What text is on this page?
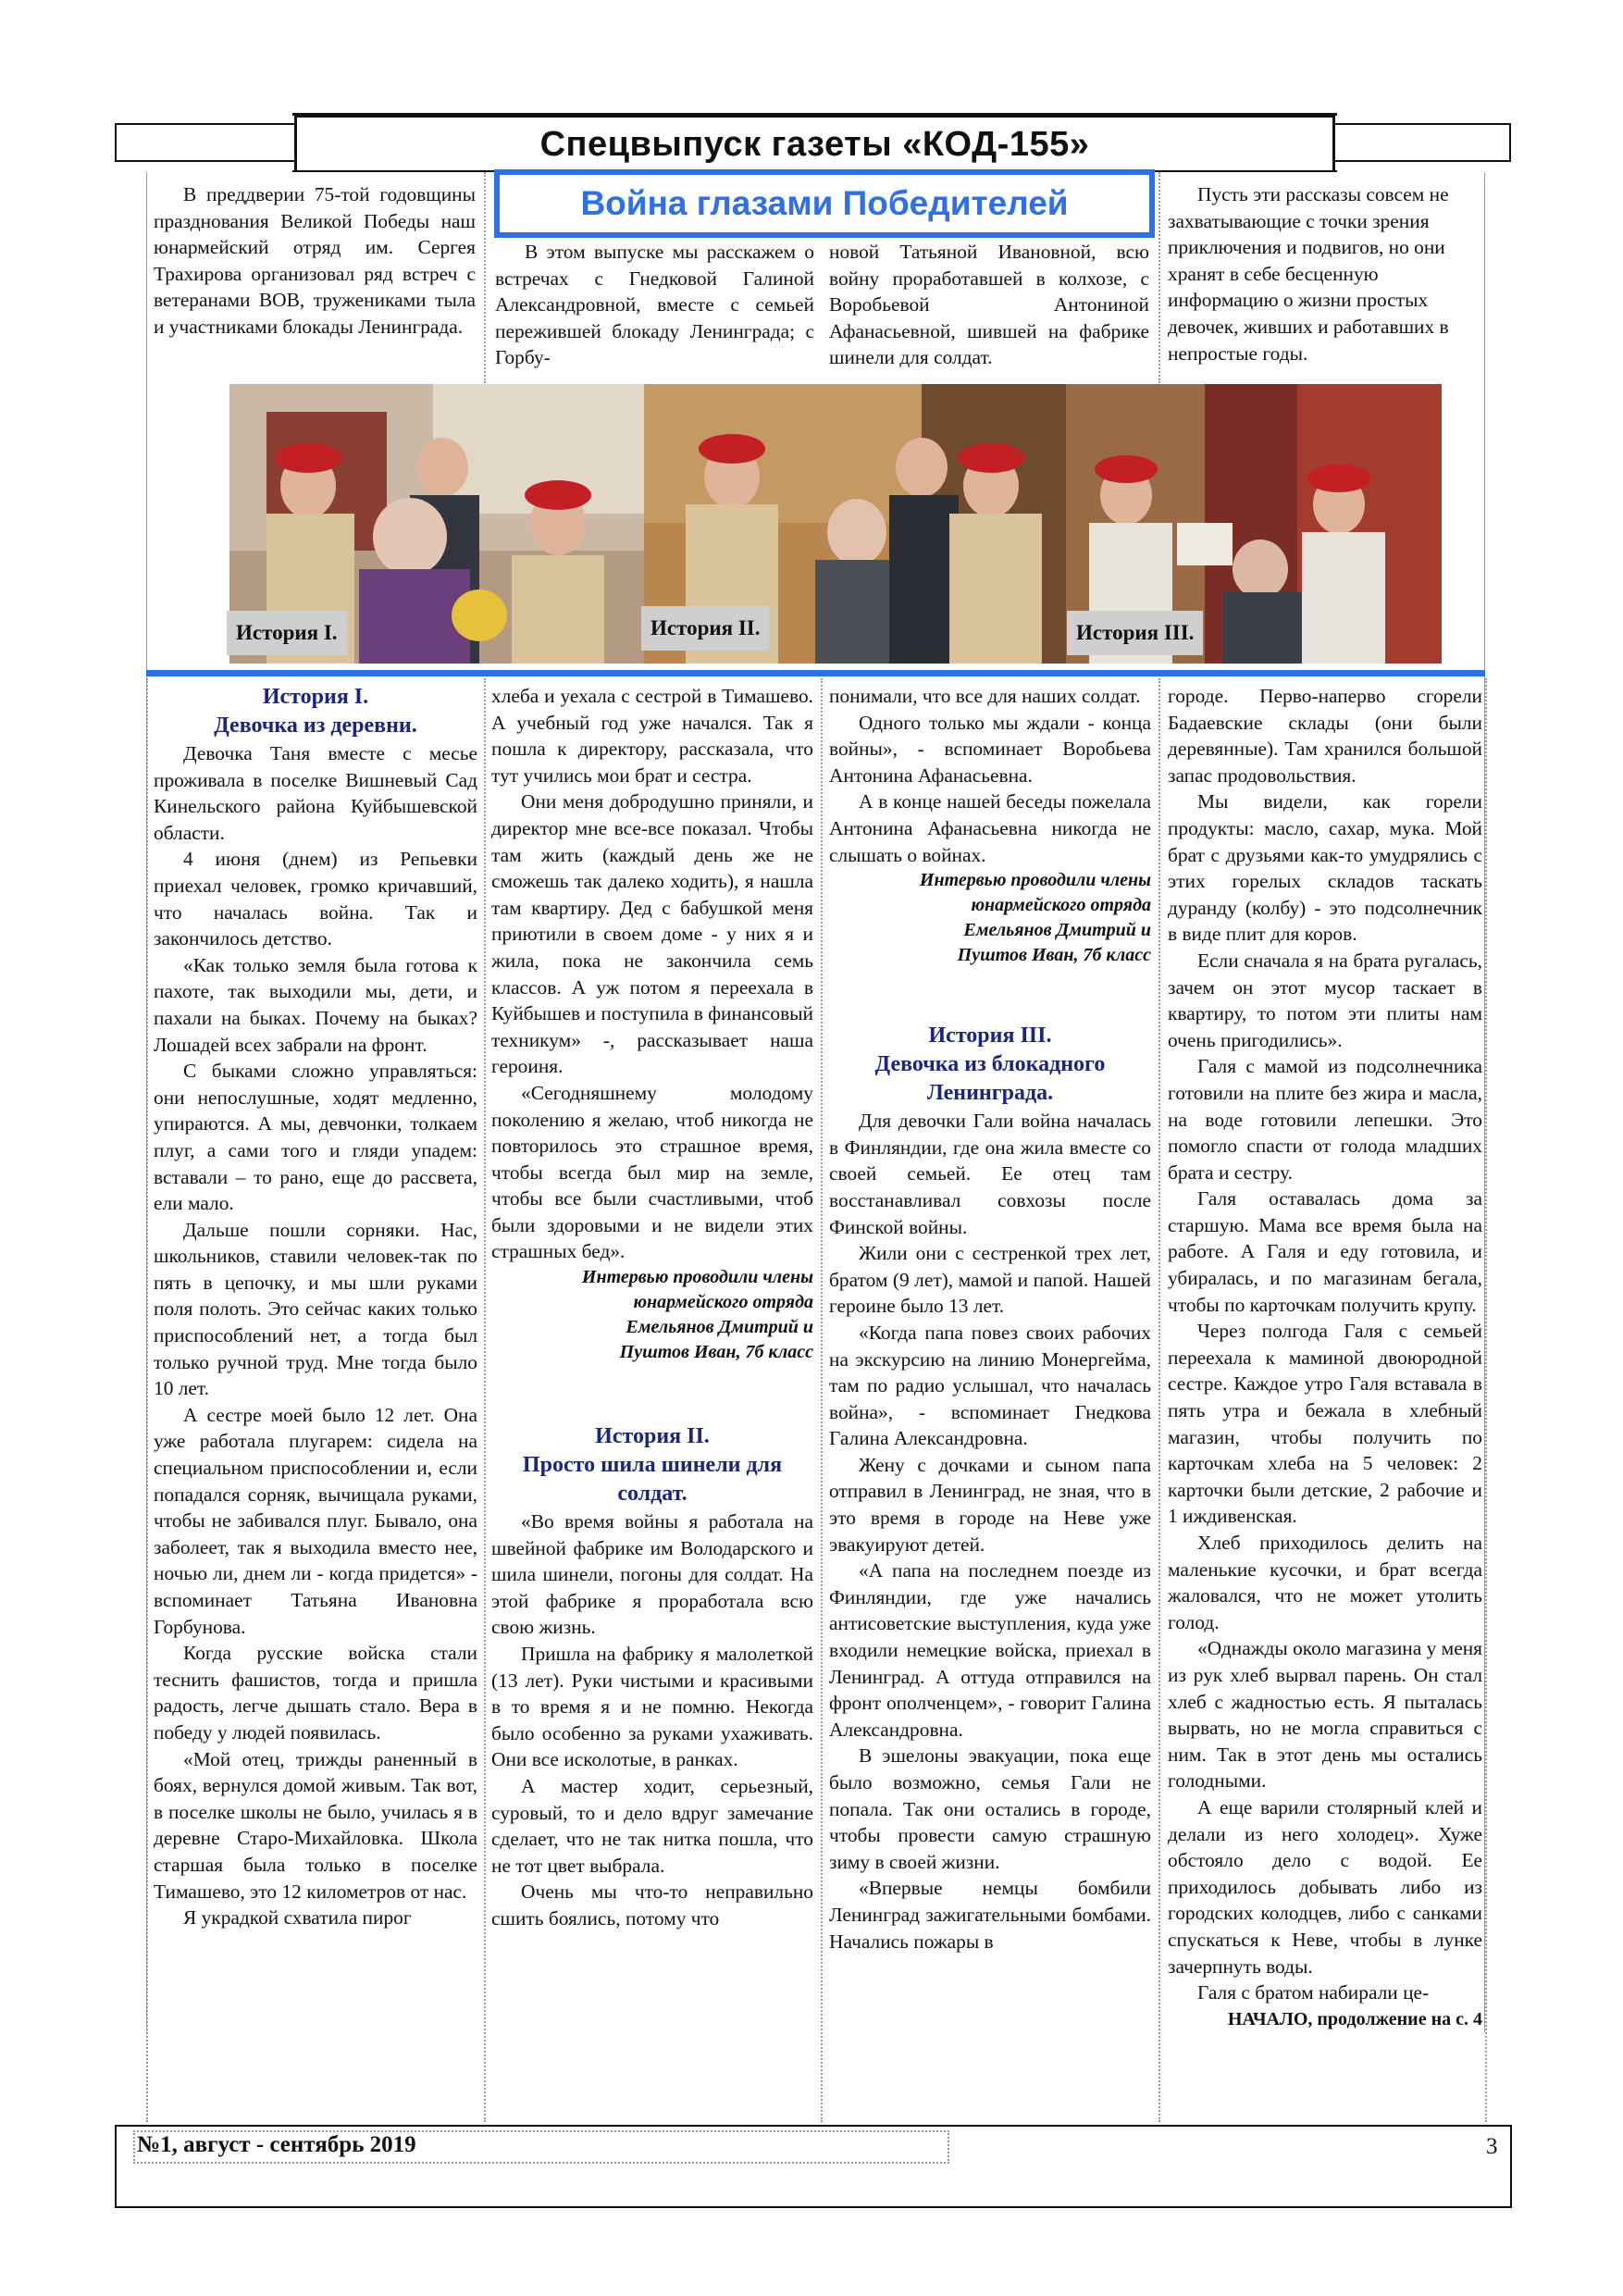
Спецвыпуск газеты «КОД-155»
Война глазами Победителей

В преддверии 75-той годовщины празднования Великой Победы наш юнармейский отряд им. Сергея Трахирова организовал ряд встреч с ветеранами ВОВ, тружениками тыла и участниками блокады Ленинграда.

В этом выпуске мы расскажем о встречах с Гнедковой Галиной Александровной, вместе с семьей пережившей блокаду Ленинграда; с Горбу-

новой Татьяной Ивановной, всю войну проработавшей в колхозе, с Воробьевой Антониной Афанасьевной, шившей на фабрике шинели для солдат.

Пусть эти рассказы совсем не захватывающие с точки зрения приключения и подвигов, но они хранят в себе бесценную информацию о жизни простых девочек, живших и работавших в непростые годы.

История I.	История II.	История III.

История I.

Девочка из деревни.

Девочка Таня вместе с месье проживала в поселке Вишневый Сад Кинельского района Куйбышевской области.

4 июня (днем) из Репьевки приехал человек, громко кричавший, что началась война. Так и закончилось детство.

«Как только земля была готова к пахоте, так выходили мы, дети, и пахали на быках. Почему на быках? Лошадей всех забрали на фронт.

С быками сложно управляться: они непослушные, ходят медленно, упираются. А мы, девчонки, толкаем плуг, а сами того и гляди упадем: вставали – то рано, еще до рассвета, ели мало.

Дальше пошли сорняки. Нас, школьников, ставили человек-так по пять в цепочку, и мы шли руками поля полоть. Это сейчас каких только приспособлений нет, а тогда был только ручной труд. Мне тогда было 10 лет.

А сестре моей было 12 лет. Она уже работала плугарем: сидела на специальном приспособлении и, если попадался сорняк, вычищала руками, чтобы не забивался плуг. Бывало, она заболеет, так я выходила вместо нее, ночью ли, днем ли - когда придется» - вспоминает Татьяна Ивановна Горбунова.

Когда русские войска стали теснить фашистов, тогда и пришла радость, легче дышать стало. Вера в победу у людей появилась.

«Мой отец, трижды раненный в боях, вернулся домой живым. Так вот, в поселке школы не было, училась я в деревне Старо-Михайловка. Школа старшая была только в поселке Тимашево, это 12 километров от нас.

Я украдкой схватила пирог

хлеба и уехала с сестрой в Тимашево. А учебный год уже начался. Так я пошла к директору, рассказала, что тут учились мои брат и сестра.

Они меня добродушно приняли, и директор мне все-все показал. Чтобы там жить (каждый день же не сможешь так далеко ходить), я нашла там квартиру. Дед с бабушкой меня приютили в своем доме - у них я и жила, пока не закончила семь классов. А уж потом я переехала в Куйбышев и поступила в финансовый техникум» -, рассказывает наша героиня.

«Сегодняшнему молодому поколению я желаю, чтоб никогда не повторилось это страшное время, чтобы всегда был мир на земле, чтобы все были счастливыми, чтоб были здоровыми и не видели этих страшных бед».

Интервью проводили члены
юнармейского отряда
Емельянов Дмитрий и
Пуштов Иван, 7б класс

История II.

Просто шила шинели для солдат.

«Во время войны я работала на швейной фабрике им Володарского и шила шинели, погоны для солдат. На этой фабрике я проработала всю свою жизнь.

Пришла на фабрику я малолеткой (13 лет). Руки чистыми и красивыми в то время я и не помню. Некогда было особенно за руками ухаживать. Они все исколотые, в ранках.

А мастер ходит, серьезный, суровый, то и дело вдруг замечание сделает, что не так нитка пошла, что не тот цвет выбрала.

Очень мы что-то неправильно сшить боялись, потому что

понимали, что все для наших солдат.

Одного только мы ждали - конца войны», - вспоминает Воробьева Антонина Афанасьевна.

А в конце нашей беседы пожелала Антонина Афанасьевна никогда не слышать о войнах.

Интервью проводили члены
юнармейского отряда
Емельянов Дмитрий и
Пуштов Иван, 7б класс

История III.

Девочка из блокадного Ленинграда.

Для девочки Гали война началась в Финляндии, где она жила вместе со своей семьей. Ее отец там восстанавливал совхозы после Финской войны.

Жили они с сестренкой трех лет, братом (9 лет), мамой и папой. Нашей героине было 13 лет.

«Когда папа повез своих рабочих на экскурсию на линию Монергейма, там по радио услышал, что началась война», - вспоминает Гнедкова Галина Александровна.

Жену с дочками и сыном папа отправил в Ленинград, не зная, что в это время в городе на Неве уже эвакуируют детей.

«А папа на последнем поезде из Финляндии, где уже начались антисоветские выступления, куда уже входили немецкие войска, приехал в Ленинград. А оттуда отправился на фронт ополченцем», - говорит Галина Александровна.

В эшелоны эвакуации, пока еще было возможно, семья Гали не попала. Так они остались в городе, чтобы провести самую страшную зиму в своей жизни.

«Впервые немцы бомбили Ленинград зажигательными бомбами. Начались пожары в

городе. Перво-наперво сгорели Бадаевские склады (они были деревянные). Там хранился большой запас продовольствия.

Мы видели, как горели продукты: масло, сахар, мука. Мой брат с друзьями как-то умудрялись с этих горелых складов таскать дуранду (колбу) - это подсолнечник в виде плит для коров.

Если сначала я на брата ругалась, зачем он этот мусор таскает в квартиру, то потом эти плиты нам очень пригодились».

Галя с мамой из подсолнечника готовили на плите без жира и масла, на воде готовили лепешки. Это помогло спасти от голода младших брата и сестру.

Галя оставалась дома за старшую. Мама все время была на работе. А Галя и еду готовила, и убиралась, и по магазинам бегала, чтобы по карточкам получить крупу.

Через полгода Галя с семьей переехала к маминой двоюродной сестре. Каждое утро Галя вставала в пять утра и бежала в хлебный магазин, чтобы получить по карточкам хлеба на 5 человек: 2 карточки были детские, 2 рабочие и 1 иждивенская.

Хлеб приходилось делить на маленькие кусочки, и брат всегда жаловался, что не может утолить голод.

«Однажды около магазина у меня из рук хлеб вырвал парень. Он стал хлеб с жадностью есть. Я пыталась вырвать, но не могла справиться с ним. Так в этот день мы остались голодными.

А еще варили столярный клей и делали из него холодец». Хуже обстояло дело с водой. Ее приходилось добывать либо из городских колодцев, либо с санками спускаться к Неве, чтобы в лунке зачерпнуть воды.

Галя с братом набирали це-

НАЧАЛО, продолжение на с. 4

№1, август - сентябрь 2019	3
